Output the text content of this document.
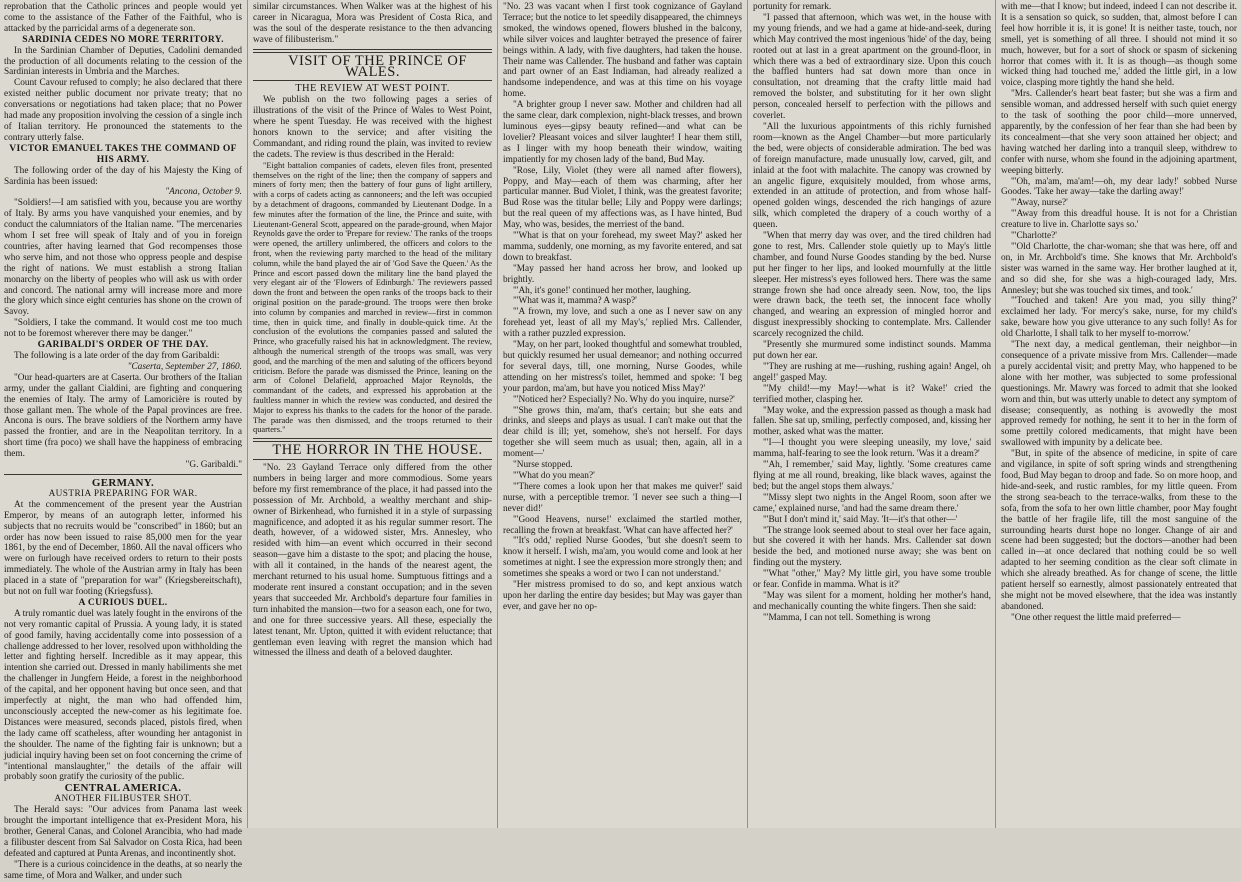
reprobation that the Catholic princes and people would yet come to the assistance of the Father of the Faithful, who is attacked by the parricidal arms of a degenerate son.

SARDINIA CEDES NO MORE TERRITORY.

In the Sardinian Chamber of Deputies, Cadolini demanded the production of all documents relating to the cession of the Sardinian interests in Umbria and the Marches.

Count Cavour refused to comply; he also declared that there existed neither public document nor private treaty; that no conversations or negotiations had taken place; that no Power had made any proposition involving the cession of a single inch of Italian territory. He pronounced the statements to the contrary utterly false.

VICTOR EMANUEL TAKES THE COMMAND OF HIS ARMY.

The following order of the day of his Majesty the King of Sardinia has been issued:

"Ancona, October 9.

"Soldiers!—I am satisfied with you, because you are worthy of Italy. By arms you have vanquished your enemies, and by conduct the calumniators of the Italian name. "The mercenaries whom I set free will speak of Italy and of you in foreign countries, after having learned that God recompenses those who serve him, and not those who oppress people and despise the right of nations. We must establish a strong Italian monarchy on the liberty of peoples who will ask us with order and concord. The national army will increase more and more the glory which since eight centuries has shone on the crown of Savoy.

"Soldiers, I take the command. It would cost me too much not to be foremost wherever there may be danger."

GARIBALDI'S ORDER OF THE DAY.

The following is a late order of the day from Garibaldi:

"Caserta, September 27, 1860.

"Our head-quarters are at Caserta. Our brothers of the Italian army, under the gallant Cialdini, are fighting and conquering the enemies of Italy. The army of Lamoricière is routed by those gallant men. The whole of the Papal provinces are free. Ancona is ours. The brave soldiers of the Northern army have passed the frontier, and are in the Neapolitan territory. In a short time (fra poco) we shall have the happiness of embracing them.

"G. Garibaldi."

GERMANY.

AUSTRIA PREPARING FOR WAR.

At the commencement of the present year the Austrian Emperor, by means of an autograph letter, informed his subjects that no recruits would be "conscribed" in 1860; but an order has now been issued to raise 85,000 men for the year 1861, by the end of December, 1860. All the naval officers who were on furlough have received orders to return to their posts immediately. The whole of the Austrian army in Italy has been placed in a state of "preparation for war" (Kriegsbereitschaft), but not on full war footing (Kriegsfuss).

A CURIOUS DUEL.

A truly romantic duel was lately fought in the environs of the not very romantic capital of Prussia. A young lady, it is stated of good family, having accidentally come into possession of a challenge addressed to her lover, resolved upon withholding the letter and fighting herself. Incredible as it may appear, this intention she carried out. Dressed in manly habiliments she met the challenger in Jungfern Heide, a forest in the neighborhood of the capital, and her opponent having but once seen, and that imperfectly at night, the man who had offended him, unconsciously accepted the new-comer as his legitimate foe. Distances were measured, seconds placed, pistols fired, when the lady came off scatheless, after wounding her antagonist in the shoulder. The name of the fighting fair is unknown; but a judicial inquiry having been set on foot concerning the crime of "intentional manslaughter," the details of the affair will probably soon gratify the curiosity of the public.

CENTRAL AMERICA.

ANOTHER FILIBUSTER SHOT.

The Herald says: "Our advices from Panama last week brought the important intelligence that ex-President Mora, his brother, General Canas, and Colonel Arancibia, who had made a filibuster descent from Sal Salvador on Costa Rica, had been defeated and captured at Punta Arenas, and incontinently shot.

"There is a curious coincidence in the deaths, at so nearly the same time, of Mora and Walker, and under such

similar circumstances. When Walker was at the highest of his career in Nicaragua, Mora was President of Costa Rica, and was the soul of the desperate resistance to the then advancing wave of filibusterism."

VISIT OF THE PRINCE OF WALES.

THE REVIEW AT WEST POINT.

We publish on the two following pages a series of illustrations of the visit of the Prince of Wales to West Point, where he spent Tuesday. He was received with the highest honors known to the service; and after visiting the Commandant, and riding round the plain, was invited to review the cadets. The review is thus described in the Herald:

"Eight battalion companies of cadets, eleven files front, presented themselves on the right of the line; then the company of sappers and miners of forty men; then the battery of four guns of light artillery, with a corps of cadets acting as cannoneers; and the left was occupied by a detachment of dragoons, commanded by Lieutenant Dodge. In a few minutes after the formation of the line, the Prince and suite, with Lieutenant-General Scott, appeared on the parade-ground, when Major Reynolds gave the order to 'Prepare for review.' The ranks of the troops were opened, the artillery unlimbered, the officers and colors to the front, when the reviewing party marched to the head of the military column, while the band played the air of 'God Save the Queen.' As the Prince and escort passed down the military line the band played the very elegant air of the 'Flowers of Edinburgh.' The reviewers passed down the front and between the open ranks of the troops back to their original position on the parade-ground. The troops were then broke into column by companies and marched in review—first in common time, then in quick time, and finally in double-quick time. At the conclusion of the evolutions the companies passed and saluted the Prince, who gracefully raised his hat in acknowledgment. The review, although the numerical strength of the troops was small, was very good, and the marching of the men and saluting of the officers beyond criticism. Before the parade was dismissed the Prince, leaning on the arm of Colonel Delafield, approached Major Reynolds, the commandant of the cadets, and expressed his approbation at the faultless manner in which the review was conducted, and desired the Major to express his thanks to the cadets for the honor of the parade. The parade was then dismissed, and the troops returned to their quarters."

THE HORROR IN THE HOUSE.

"No. 23 Gayland Terrace only differed from the other numbers in being larger and more commodious. Some years before my first remembrance of the place, it had passed into the possession of Mr. Archbold, a wealthy merchant and ship-owner of Birkenhead, who furnished it in a style of surpassing magnificence, and adopted it as his regular summer resort. The death, however, of a widowed sister, Mrs. Annesley, who resided with him—an event which occurred in their second season—gave him a distaste to the spot; and placing the house, with all it contained, in the hands of the nearest agent, the merchant returned to his usual home. Sumptuous fittings and a moderate rent insured a constant occupation; and in the seven years that succeeded Mr. Archbold's departure four families in turn inhabited the mansion—two for a season each, one for two, and one for three successive years. All these, especially the latest tenant, Mr. Upton, quitted it with evident reluctance; that gentleman even leaving with regret the mansion which had witnessed the illness and death of a beloved daughter.

"No. 23 was vacant when I first took cognizance of Gayland Terrace; but the notice to let speedily disappeared, the chimneys smoked, the windows opened, flowers blushed in the balcony, while silver voices and laughter betrayed the presence of fairer beings within. A lady, with five daughters, had taken the house. Their name was Callender. The husband and father was captain and part owner of an East Indiaman, had already realized a handsome independence, and was at this time on his voyage home.

"A brighter group I never saw. Mother and children had all the same clear, dark complexion, night-black tresses, and brown luminous eyes—gipsy beauty refined—and what can be lovelier? Pleasant voices and silver laughter! I hear them still, as I linger with my hoop beneath their window, waiting impatiently for my chosen lady of the band, Bud May.

"Rose, Lily, Violet (they were all named after flowers), Poppy, and May—each of them was charming, after her particular manner. Bud Violet, I think, was the greatest favorite; Bud Rose was the titular belle; Lily and Poppy were darlings; but the real queen of my affections was, as I have hinted, Bud May, who was, besides, the merriest of the band.

"'What is that on your forehead, my sweet May?' asked her mamma, suddenly, one morning, as my favorite entered, and sat down to breakfast.

"May passed her hand across her brow, and looked up brightly.

"'Ah, it's gone!' continued her mother, laughing.

"'What was it, mamma? A wasp?'

"'A frown, my love, and such a one as I never saw on any forehead yet, least of all my May's,' replied Mrs. Callender, with a rather puzzled expression.

"May, on her part, looked thoughtful and somewhat troubled, but quickly resumed her usual demeanor; and nothing occurred for several days, till, one morning, Nurse Goodes, while attending on her mistress's toilet, hemmed and spoke: 'I beg your pardon, ma'am, but have you noticed Miss May?'

"'Noticed her? Especially? No. Why do you inquire, nurse?'

"'She grows thin, ma'am, that's certain; but she eats and drinks, and sleeps and plays as usual. I can't make out that the dear child is ill; yet, somehow, she's not herself. For days together she will seem much as usual; then, again, all in a moment—'

"Nurse stopped.

"'What do you mean?'

"'There comes a look upon her that makes me quiver!' said nurse, with a perceptible tremor. 'I never see such a thing—I never did!'

"'Good Heavens, nurse!' exclaimed the startled mother, recalling the frown at breakfast. 'What can have affected her?'

"'It's odd,' replied Nurse Goodes, 'but she doesn't seem to know it herself. I wish, ma'am, you would come and look at her sometimes at night. I see the expression more strongly then; and sometimes she speaks a word or two I can not understand.'

"Her mistress promised to do so, and kept anxious watch upon her darling the entire day besides; but May was gayer than ever, and gave her no op-

portunity for remark.

"I passed that afternoon, which was wet, in the house with my young friends, and we had a game at hide-and-seek, during which May contrived the most ingenious 'hide' of the day, being rooted out at last in a great apartment on the ground-floor, in which there was a bed of extraordinary size. Upon this couch the baffled hunters had sat down more than once in consultation, not dreaming that the crafty little maid had removed the bolster, and substituting for it her own slight person, concealed herself to perfection with the pillows and coverlet.

"All the luxurious appointments of this richly furnished room—known as the Angel Chamber—but more particularly the bed, were objects of considerable admiration. The bed was of foreign manufacture, made unusually low, carved, gilt, and inlaid at the foot with malachite. The canopy was crowned by an angelic figure, exquisitely moulded, from whose arms, extended in an attitude of protection, and from whose half-opened golden wings, descended the rich hangings of azure silk, which completed the drapery of a couch worthy of a queen.

"When that merry day was over, and the tired children had gone to rest, Mrs. Callender stole quietly up to May's little chamber, and found Nurse Goodes standing by the bed. Nurse put her finger to her lips, and looked mournfully at the little sleeper. Her mistress's eyes followed hers. There was the same strange frown she had once already seen. Now, too, the lips were drawn back, the teeth set, the innocent face wholly changed, and wearing an expression of mingled horror and disgust inexpressibly shocking to contemplate. Mrs. Callender scarcely recognized the child.

"Presently she murmured some indistinct sounds. Mamma put down her ear.

"'They are rushing at me—rushing, rushing again! Angel, oh angel!' gasped May.

"'My child!—my May!—what is it? Wake!' cried the terrified mother, clasping her.

"May woke, and the expression passed as though a mask had fallen. She sat up, smiling, perfectly composed, and, kissing her mother, asked what was the matter.

"'I—I thought you were sleeping uneasily, my love,' said mamma, half-fearing to see the look return. 'Was it a dream?'

"'Ah, I remember,' said May, lightly. 'Some creatures came flying at me all round, breaking, like black waves, against the bed; but the angel stops them always.'

"'Missy slept two nights in the Angel Room, soon after we came,' explained nurse, 'and had the same dream there.'

"'But I don't mind it,' said May. 'It—it's that other—'

"The strange look seemed about to steal over her face again, but she covered it with her hands. Mrs. Callender sat down beside the bed, and motioned nurse away; she was bent on finding out the mystery.

"'What "other," May? My little girl, you have some trouble or fear. Confide in mamma. What is it?'

"May was silent for a moment, holding her mother's hand, and mechanically counting the white fingers. Then she said:

"'Mamma, I can not tell. Something is wrong

with me—that I know; but indeed, indeed I can not describe it. It is a sensation so quick, so sudden, that, almost before I can feel how horrible it is, it is gone! It is neither taste, touch, nor smell, yet is something of all three. I should not mind it so much, however, but for a sort of shock or spasm of sickening horror that comes with it. It is as though—as though some wicked thing had touched me,' added the little girl, in a low voice, clasping more tightly the hand she held.

"Mrs. Callender's heart beat faster; but she was a firm and sensible woman, and addressed herself with such quiet energy to the task of soothing the poor child—more unnerved, apparently, by the confession of her fear than she had been by its concealment—that she very soon attained her object; and having watched her darling into a tranquil sleep, withdrew to confer with nurse, whom she found in the adjoining apartment, weeping bitterly.

"'Oh, ma'am, ma'am!—oh, my dear lady!' sobbed Nurse Goodes. 'Take her away—take the darling away!'

"'Away, nurse?'

"'Away from this dreadful house. It is not for a Christian creature to live in. Charlotte says so.'

"'Charlotte?'

"'Old Charlotte, the char-woman; she that was here, off and on, in Mr. Archbold's time. She knows that Mr. Archbold's sister was warned in the same way. Her brother laughed at it, and so did she, for she was a high-couraged lady, Mrs. Annesley; but she was touched six times, and took.'

"'Touched and taken! Are you mad, you silly thing?' exclaimed her lady. 'For mercy's sake, nurse, for my child's sake, beware how you give utterance to any such folly! As for old Charlotte, I shall talk to her myself to-morrow.'

"The next day, a medical gentleman, their neighbor—in consequence of a private missive from Mrs. Callender—made a purely accidental visit; and pretty May, who happened to be alone with her mother, was subjected to some professional questionings. Mr. Mawry was forced to admit that she looked worn and thin, but was utterly unable to detect any symptom of disease; consequently, as nothing is avowedly the most approved remedy for nothing, he sent it to her in the form of some prettily colored medicaments, that might have been swallowed with impunity by a delicate bee.

"But, in spite of the absence of medicine, in spite of care and vigilance, in spite of soft spring winds and strengthening food, Bud May began to droop and fade. So on more hoop, and hide-and-seek, and rustic rambles, for my little queen. From the strong sea-beach to the terrace-walks, from these to the sofa, from the sofa to her own little chamber, poor May fought the battle of her fragile life, till the most sanguine of the surrounding hearts durst hope no longer. Change of air and scene had been suggested; but the doctors—another had been called in—at once declared that nothing could be so well adapted to her seeming condition as the clear soft climate in which she already breathed. As for change of scene, the little patient herself so earnestly, almost passionately entreated that she might not be moved elsewhere, that the idea was instantly abandoned.

"One other request the little maid preferred—
